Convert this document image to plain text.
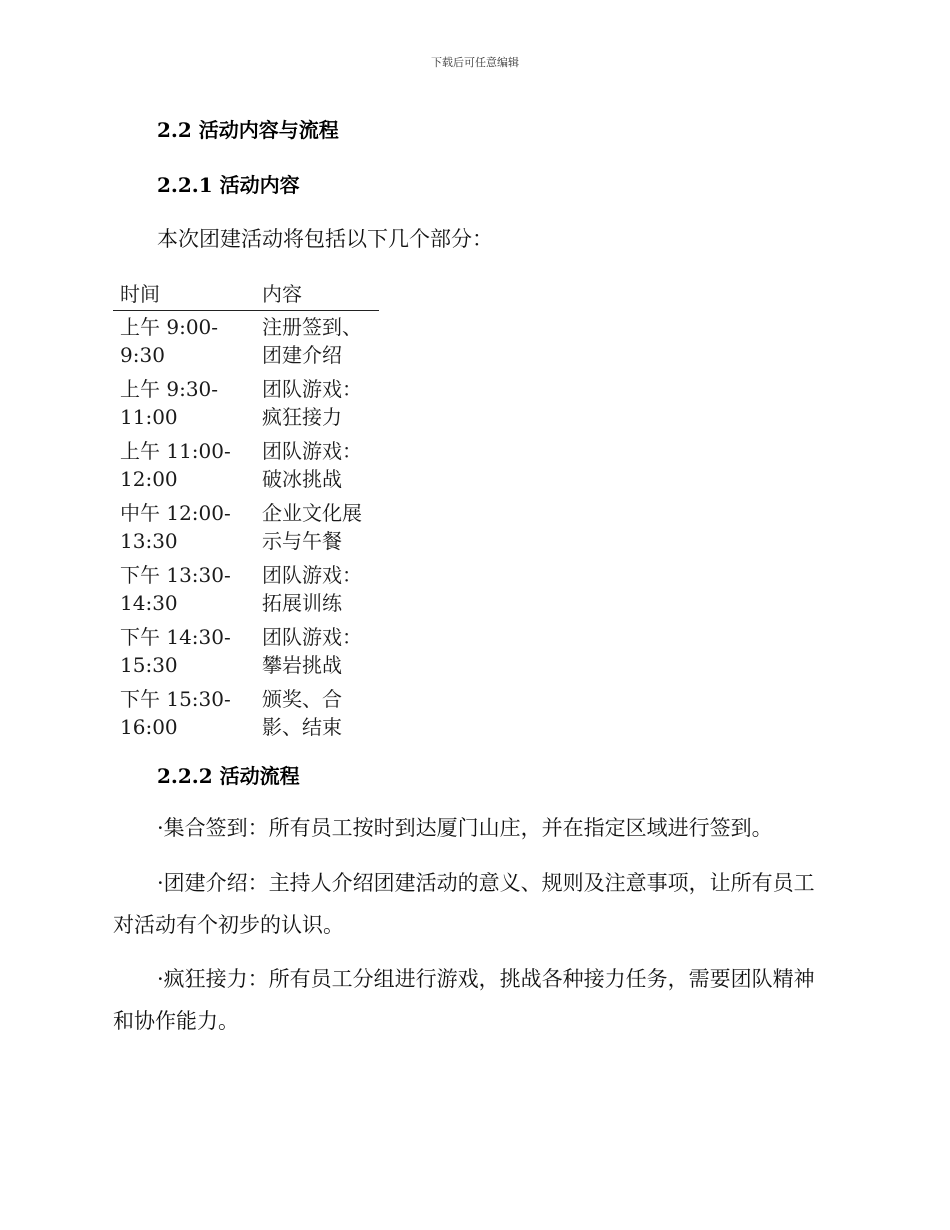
下载后可任意编辑
2.2 活动内容与流程
2.2.1 活动内容
本次团建活动将包括以下几个部分：
时间	内容
上午 9:00-9:30
注册签到、团建介绍
上午 9:30-11:00
团队游戏：疯狂接力
上午 11:00-12:00
团队游戏：破冰挑战
中午 12:00-13:30
企业文化展示与午餐
下午 13:30-14:30
团队游戏：拓展训练
下午 14:30-15:30
团队游戏：攀岩挑战
下午 15:30-16:00
颁奖、合影、结束
2.2.2 活动流程
·集合签到：所有员工按时到达厦门山庄，并在指定区域进行签到。
·团建介绍：主持人介绍团建活动的意义、规则及注意事项，让所有员工对活动有个初步的认识。
·疯狂接力：所有员工分组进行游戏，挑战各种接力任务，需要团队精神和协作能力。
